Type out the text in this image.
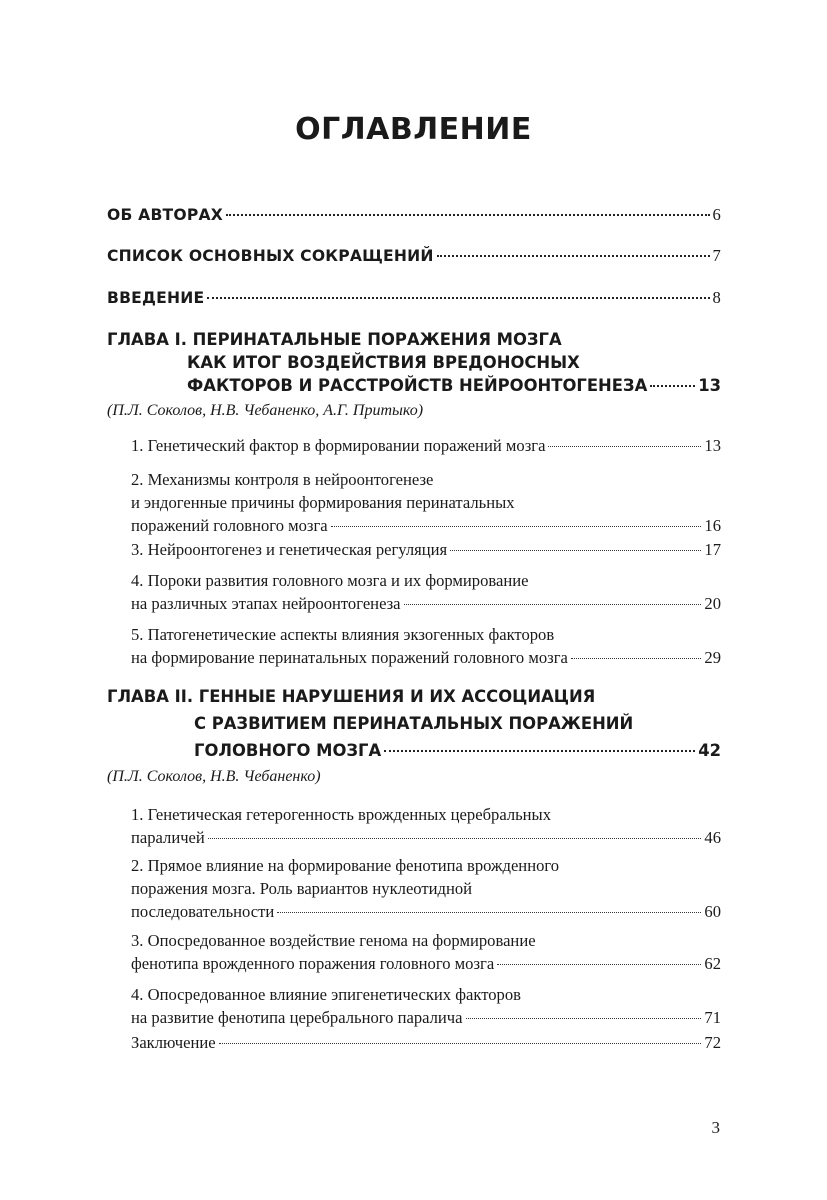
ОГЛАВЛЕНИЕ
ОБ АВТОРАХ	6
СПИСОК ОСНОВНЫХ СОКРАЩЕНИЙ	7
ВВЕДЕНИЕ	8
ГЛАВА I. ПЕРИНАТАЛЬНЫЕ ПОРАЖЕНИЯ МОЗГА
КАК ИТОГ ВОЗДЕЙСТВИЯ ВРЕДОНОСНЫХ
ФАКТОРОВ И РАССТРОЙСТВ НЕЙРООНТОГЕНЕЗА	13
(П.Л. Соколов, Н.В. Чебаненко, А.Г. Притыко)
1. Генетический фактор в формировании поражений мозга	13
2. Механизмы контроля в нейроонтогенезе
и эндогенные причины формирования перинатальных
поражений головного мозга	16
3. Нейроонтогенез и генетическая регуляция	17
4. Пороки развития головного мозга и их формирование
на различных этапах нейроонтогенеза	20
5. Патогенетические аспекты влияния экзогенных факторов
на формирование перинатальных поражений головного мозга	29
ГЛАВА II. ГЕННЫЕ НАРУШЕНИЯ И ИХ АССОЦИАЦИЯ
С РАЗВИТИЕМ ПЕРИНАТАЛЬНЫХ ПОРАЖЕНИЙ
ГОЛОВНОГО МОЗГА	42
(П.Л. Соколов, Н.В. Чебаненко)
1. Генетическая гетерогенность врожденных церебральных
параличей	46
2. Прямое влияние на формирование фенотипа врожденного
поражения мозга. Роль вариантов нуклеотидной
последовательности	60
3. Опосредованное воздействие генома на формирование
фенотипа врожденного поражения головного мозга	62
4. Опосредованное влияние эпигенетических факторов
на развитие фенотипа церебрального паралича	71
Заключение	72
3
